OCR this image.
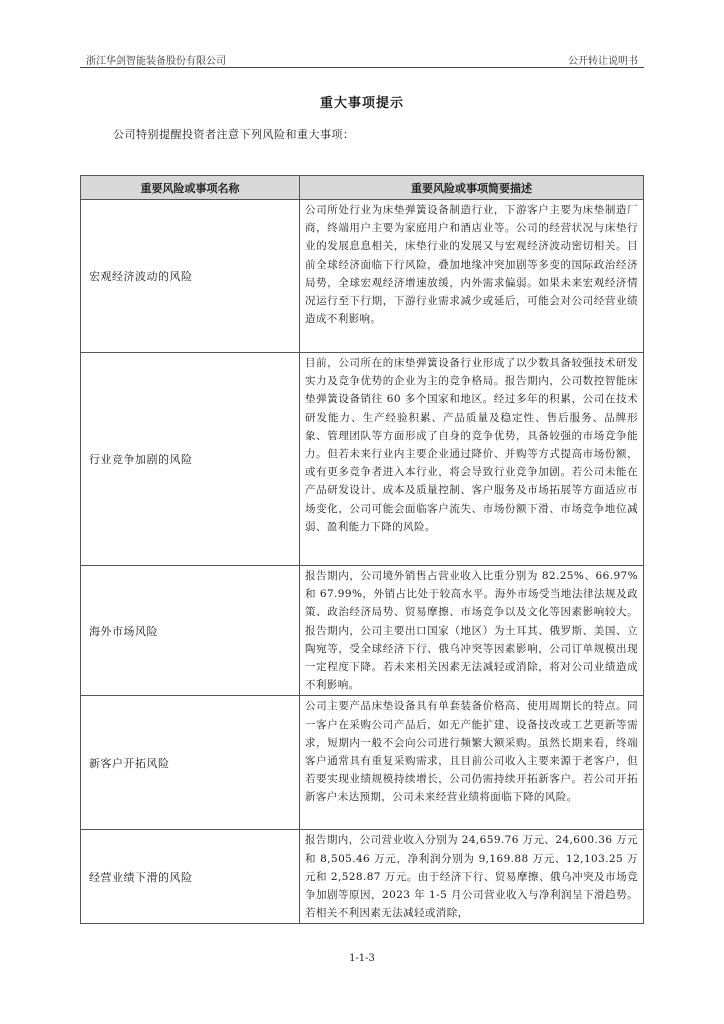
浙江华剑智能装备股份有限公司	公开转让说明书
重大事项提示
公司特别提醒投资者注意下列风险和重大事项：
重要风险或事项名称	重要风险或事项简要描述
宏观经济波动的风险	公司所处行业为床垫弹簧设备制造行业，下游客户主要为床垫制造厂商，终端用户主要为家庭用户和酒店业等。公司的经营状况与床垫行业的发展息息相关，床垫行业的发展又与宏观经济波动密切相关。目前全球经济面临下行风险，叠加地缘冲突加剧等多变的国际政治经济局势，全球宏观经济增速放缓，内外需求偏弱。如果未来宏观经济情况运行至下行期，下游行业需求减少或延后，可能会对公司经营业绩造成不利影响。
行业竞争加剧的风险	目前，公司所在的床垫弹簧设备行业形成了以少数具备较强技术研发实力及竞争优势的企业为主的竞争格局。报告期内，公司数控智能床垫弹簧设备销往 60 多个国家和地区。经过多年的积累，公司在技术研发能力、生产经验积累、产品质量及稳定性、售后服务、品牌形象、管理团队等方面形成了自身的竞争优势，具备较强的市场竞争能力。但若未来行业内主要企业通过降价、并购等方式提高市场份额，或有更多竞争者进入本行业，将会导致行业竞争加剧。若公司未能在产品研发设计、成本及质量控制、客户服务及市场拓展等方面适应市场变化，公司可能会面临客户流失、市场份额下滑、市场竞争地位减弱、盈利能力下降的风险。
海外市场风险	报告期内，公司境外销售占营业收入比重分别为 82.25%、66.97%和 67.99%，外销占比处于较高水平。海外市场受当地法律法规及政策、政治经济局势、贸易摩擦、市场竞争以及文化等因素影响较大。报告期内，公司主要出口国家（地区）为土耳其、俄罗斯、美国、立陶宛等，受全球经济下行、俄乌冲突等因素影响，公司订单规模出现一定程度下降。若未来相关因素无法减轻或消除，将对公司业绩造成不利影响。
新客户开拓风险	公司主要产品床垫设备具有单套装备价格高、使用周期长的特点。同一客户在采购公司产品后，如无产能扩建、设备技改或工艺更新等需求，短期内一般不会向公司进行频繁大额采购。虽然长期来看，终端客户通常具有重复采购需求，且目前公司收入主要来源于老客户，但若要实现业绩规模持续增长，公司仍需持续开拓新客户。若公司开拓新客户未达预期，公司未来经营业绩将面临下降的风险。
经营业绩下滑的风险	报告期内，公司营业收入分别为 24,659.76 万元、24,600.36 万元和 8,505.46 万元，净利润分别为 9,169.88 万元、12,103.25 万元和 2,528.87 万元。由于经济下行、贸易摩擦、俄乌冲突及市场竞争加剧等原因，2023 年 1-5 月公司营业收入与净利润呈下滑趋势。若相关不利因素无法减轻或消除，
1-1-3
